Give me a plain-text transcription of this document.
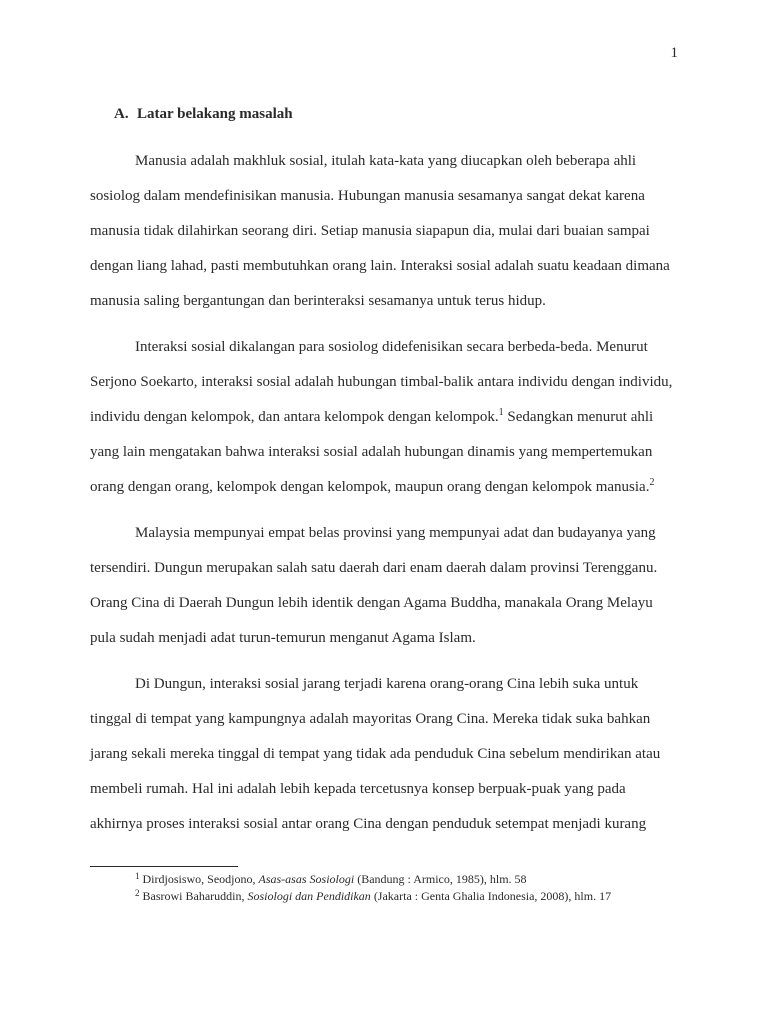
1
A. Latar belakang masalah
Manusia adalah makhluk sosial, itulah kata-kata yang diucapkan oleh beberapa ahli
sosiolog dalam mendefinisikan manusia. Hubungan manusia sesamanya sangat dekat karena
manusia tidak dilahirkan seorang diri. Setiap manusia siapapun dia, mulai dari buaian sampai
dengan liang lahad, pasti membutuhkan orang lain. Interaksi sosial adalah suatu keadaan dimana
manusia saling bergantungan dan berinteraksi sesamanya untuk terus hidup.
Interaksi sosial dikalangan para sosiolog didefenisikan secara berbeda-beda. Menurut
Serjono Soekarto, interaksi sosial adalah hubungan timbal-balik antara individu dengan individu,
individu dengan kelompok, dan antara kelompok dengan kelompok.$^1$ Sedangkan menurut ahli
yang lain mengatakan bahwa interaksi sosial adalah hubungan dinamis yang mempertemukan
orang dengan orang, kelompok dengan kelompok, maupun orang dengan kelompok manusia.$^2$
Malaysia mempunyai empat belas provinsi yang mempunyai adat dan budayanya yang
tersendiri. Dungun merupakan salah satu daerah dari enam daerah dalam provinsi Terengganu.
Orang Cina di Daerah Dungun lebih identik dengan Agama Buddha, manakala Orang Melayu
pula sudah menjadi adat turun-temurun menganut Agama Islam.
Di Dungun, interaksi sosial jarang terjadi karena orang-orang Cina lebih suka untuk
tinggal di tempat yang kampungnya adalah mayoritas Orang Cina. Mereka tidak suka bahkan
jarang sekali mereka tinggal di tempat yang tidak ada penduduk Cina sebelum mendirikan atau
membeli rumah. Hal ini adalah lebih kepada tercetusnya konsep berpuak-puak yang pada
akhirnya proses interaksi sosial antar orang Cina dengan penduduk setempat menjadi kurang
$^1$ Dirdjosiswo, Seodjono, Asas-asas Sosiologi (Bandung : Armico, 1985), hlm. 58
$^2$ Basrowi Baharuddin, Sosiologi dan Pendidikan (Jakarta : Genta Ghalia Indonesia, 2008), hlm. 17
